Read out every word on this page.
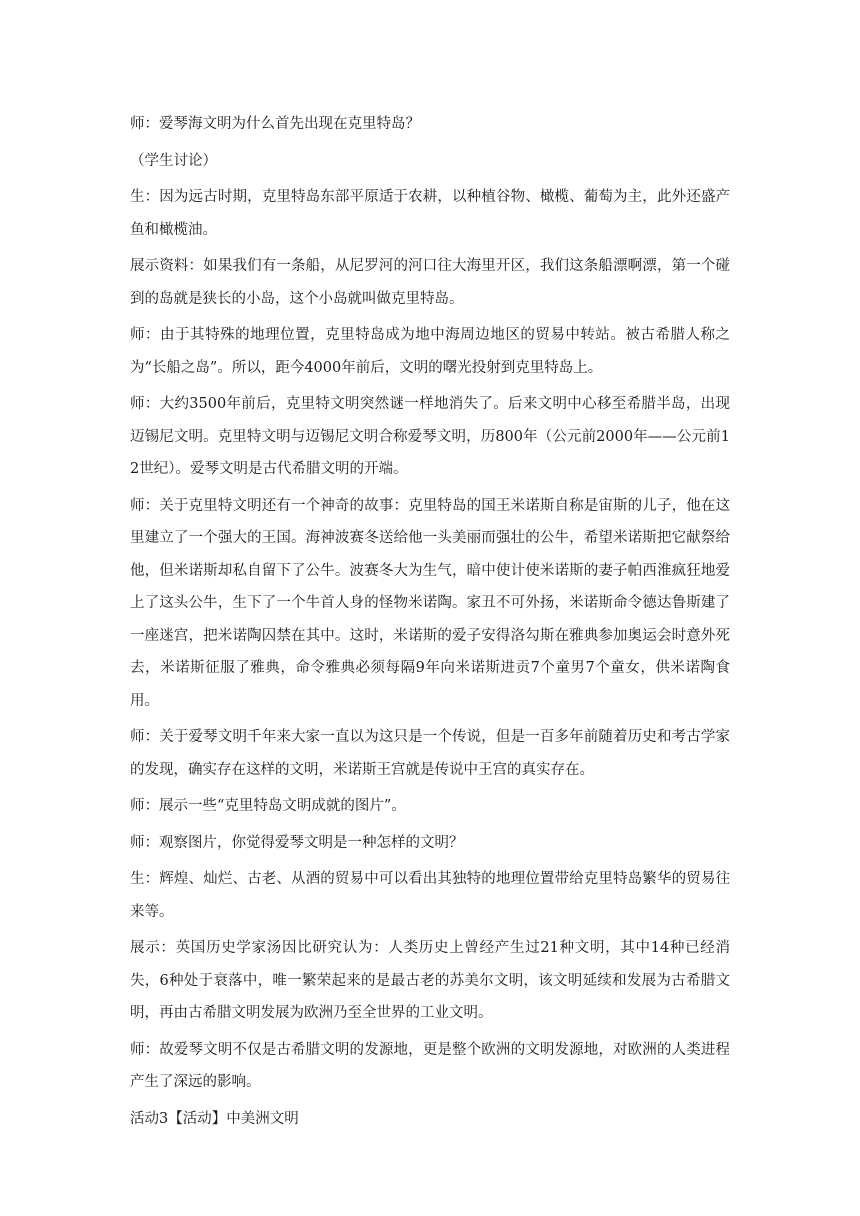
师：爱琴海文明为什么首先出现在克里特岛？

（学生讨论）

生：因为远古时期，克里特岛东部平原适于农耕，以种植谷物、橄榄、葡萄为主，此外还盛产鱼和橄榄油。

展示资料：如果我们有一条船，从尼罗河的河口往大海里开区，我们这条船漂啊漂，第一个碰到的岛就是狭长的小岛，这个小岛就叫做克里特岛。

师：由于其特殊的地理位置，克里特岛成为地中海周边地区的贸易中转站。被古希腊人称之为“长船之岛”。所以，距今4000年前后，文明的曙光投射到克里特岛上。

师：大约3500年前后，克里特文明突然谜一样地消失了。后来文明中心移至希腊半岛，出现迈锡尼文明。克里特文明与迈锡尼文明合称爱琴文明，历800年（公元前2000年——公元前12世纪）。爱琴文明是古代希腊文明的开端。

师：关于克里特文明还有一个神奇的故事：克里特岛的国王米诺斯自称是宙斯的儿子，他在这里建立了一个强大的王国。海神波赛冬送给他一头美丽而强壮的公牛，希望米诺斯把它献祭给他，但米诺斯却私自留下了公牛。波赛冬大为生气，暗中使计使米诺斯的妻子帕西淮疯狂地爱上了这头公牛，生下了一个牛首人身的怪物米诺陶。家丑不可外扬，米诺斯命令德达鲁斯建了一座迷宫，把米诺陶囚禁在其中。这时，米诺斯的爱子安得洛勾斯在雅典参加奥运会时意外死去，米诺斯征服了雅典，命令雅典必须每隔9年向米诺斯进贡7个童男7个童女，供米诺陶食用。

师：关于爱琴文明千年来大家一直以为这只是一个传说，但是一百多年前随着历史和考古学家的发现，确实存在这样的文明，米诺斯王宫就是传说中王宫的真实存在。

师：展示一些“克里特岛文明成就的图片”。

师：观察图片，你觉得爱琴文明是一种怎样的文明？

生：辉煌、灿烂、古老、从酒的贸易中可以看出其独特的地理位置带给克里特岛繁华的贸易往来等。

展示：英国历史学家汤因比研究认为：人类历史上曾经产生过21种文明，其中14种已经消失，6种处于衰落中，唯一繁荣起来的是最古老的苏美尔文明，该文明延续和发展为古希腊文明，再由古希腊文明发展为欧洲乃至全世界的工业文明。

师：故爱琴文明不仅是古希腊文明的发源地，更是整个欧洲的文明发源地，对欧洲的人类进程产生了深远的影响。

活动3【活动】中美洲文明
